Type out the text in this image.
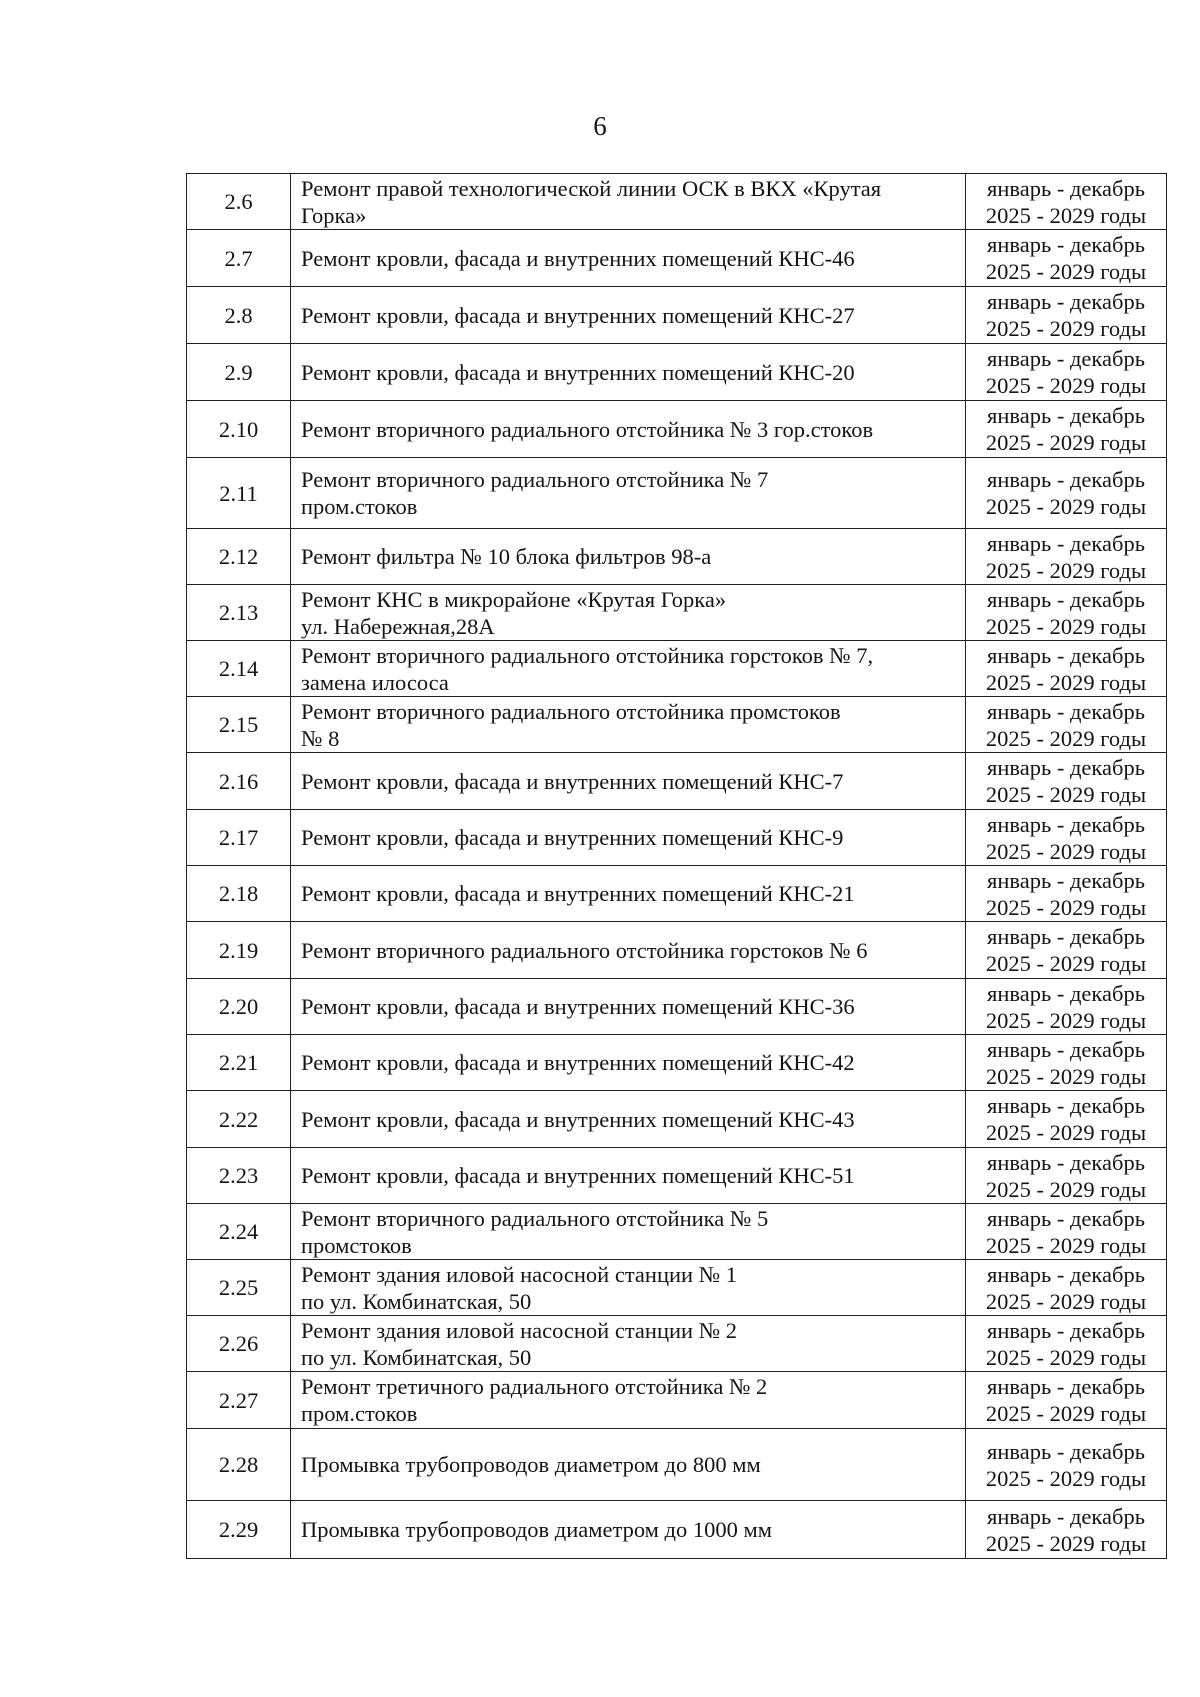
6
2.6	Ремонт правой технологической линии ОСК в ВКХ «Крутая
Горка»	январь - декабрь
2025 - 2029 годы

2.7	Ремонт кровли, фасада и внутренних помещений КНС-46	январь - декабрь
2025 - 2029 годы

2.8	Ремонт кровли, фасада и внутренних помещений КНС-27	январь - декабрь
2025 - 2029 годы

2.9	Ремонт кровли, фасада и внутренних помещений КНС-20	январь - декабрь
2025 - 2029 годы

2.10	Ремонт вторичного радиального отстойника № 3 гор.стоков	январь - декабрь
2025 - 2029 годы

2.11	Ремонт вторичного радиального отстойника № 7
пром.стоков	январь - декабрь
2025 - 2029 годы

2.12	Ремонт фильтра № 10 блока фильтров 98-а	январь - декабрь
2025 - 2029 годы

2.13	Ремонт КНС в микрорайоне «Крутая Горка»
ул. Набережная,28А	январь - декабрь
2025 - 2029 годы

2.14	Ремонт вторичного радиального отстойника горстоков № 7,
замена илососа	январь - декабрь
2025 - 2029 годы

2.15	Ремонт вторичного радиального отстойника промстоков
№ 8	январь - декабрь
2025 - 2029 годы

2.16	Ремонт кровли, фасада и внутренних помещений КНС-7	январь - декабрь
2025 - 2029 годы

2.17	Ремонт кровли, фасада и внутренних помещений КНС-9	январь - декабрь
2025 - 2029 годы

2.18	Ремонт кровли, фасада и внутренних помещений КНС-21	январь - декабрь
2025 - 2029 годы

2.19	Ремонт вторичного радиального отстойника горстоков № 6	январь - декабрь
2025 - 2029 годы

2.20	Ремонт кровли, фасада и внутренних помещений КНС-36	январь - декабрь
2025 - 2029 годы

2.21	Ремонт кровли, фасада и внутренних помещений КНС-42	январь - декабрь
2025 - 2029 годы

2.22	Ремонт кровли, фасада и внутренних помещений КНС-43	январь - декабрь
2025 - 2029 годы

2.23	Ремонт кровли, фасада и внутренних помещений КНС-51	январь - декабрь
2025 - 2029 годы

2.24	Ремонт вторичного радиального отстойника № 5
промстоков	январь - декабрь
2025 - 2029 годы

2.25	Ремонт здания иловой насосной станции № 1
по ул. Комбинатская, 50	январь - декабрь
2025 - 2029 годы

2.26	Ремонт здания иловой насосной станции № 2
по ул. Комбинатская, 50	январь - декабрь
2025 - 2029 годы

2.27	Ремонт третичного радиального отстойника № 2
пром.стоков	январь - декабрь
2025 - 2029 годы

2.28	Промывка трубопроводов диаметром до 800 мм	январь - декабрь
2025 - 2029 годы

2.29	Промывка трубопроводов диаметром до 1000 мм	январь - декабрь
2025 - 2029 годы
